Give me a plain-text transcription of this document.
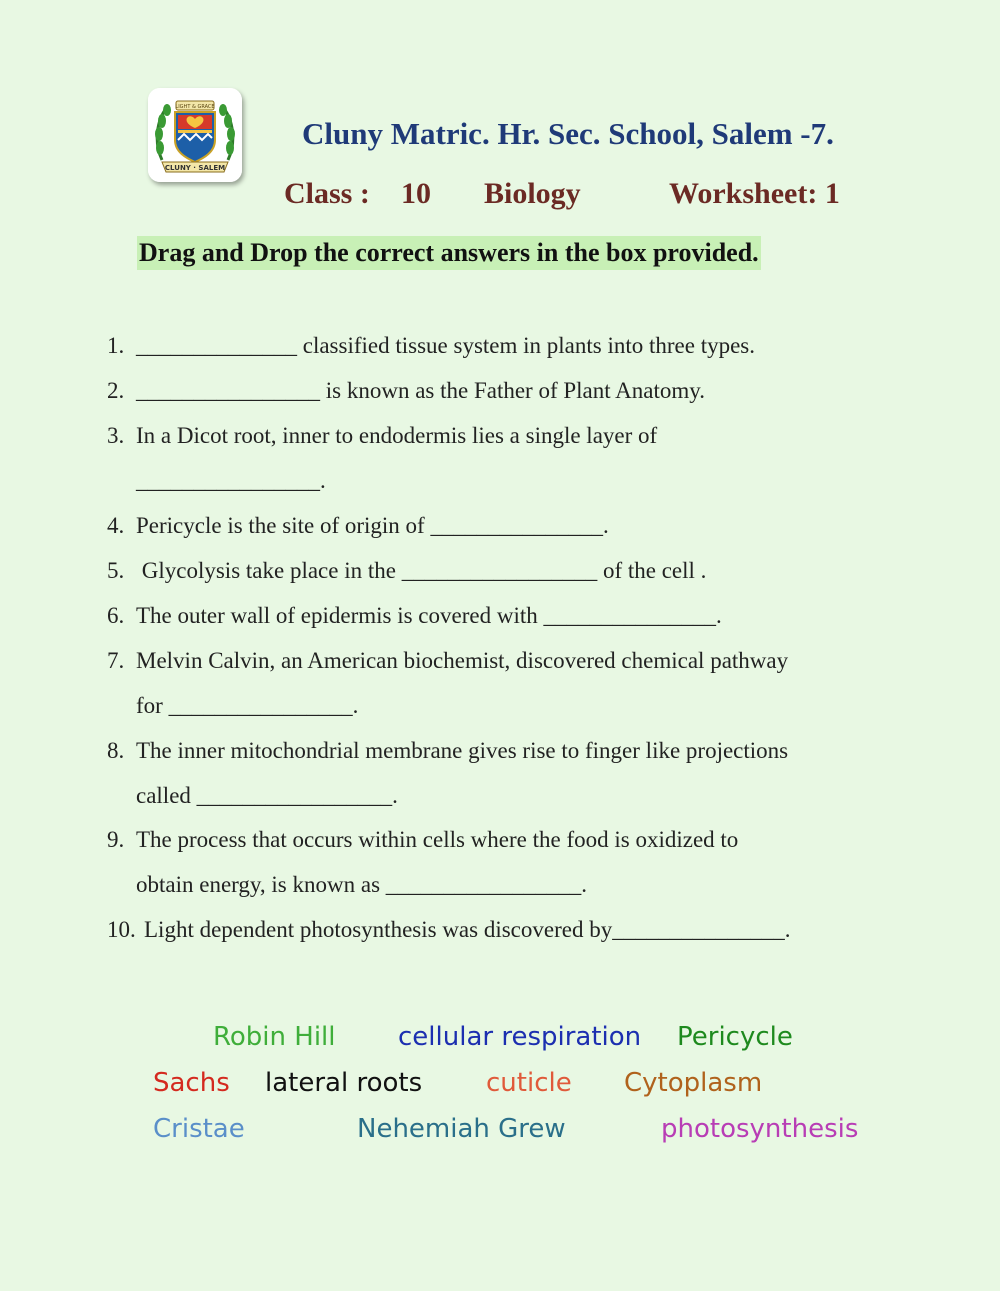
CLUNY · SALEM
LIGHT & GRACE
Cluny Matric. Hr. Sec. School, Salem -7.
Class : 10 Biology	Worksheet: 1
Drag and Drop the correct answers in the box provided.
1. ______________ classified tissue system in plants into three types.
2. ________________ is known as the Father of Plant Anatomy.
3. In a Dicot root, inner to endodermis lies a single layer of
________________.
4. Pericycle is the site of origin of _______________.
5. Glycolysis take place in the _________________ of the cell .
6. The outer wall of epidermis is covered with _______________.
7. Melvin Calvin, an American biochemist, discovered chemical pathway
for ________________.
8. The inner mitochondrial membrane gives rise to finger like projections
called _________________.
9. The process that occurs within cells where the food is oxidized to
obtain energy, is known as _________________.
10. Light dependent photosynthesis was discovered by_______________.
Robin Hill cellular respiration Pericycle
Sachs lateral roots cuticle Cytoplasm
Cristae	Nehemiah Grew	photosynthesis
